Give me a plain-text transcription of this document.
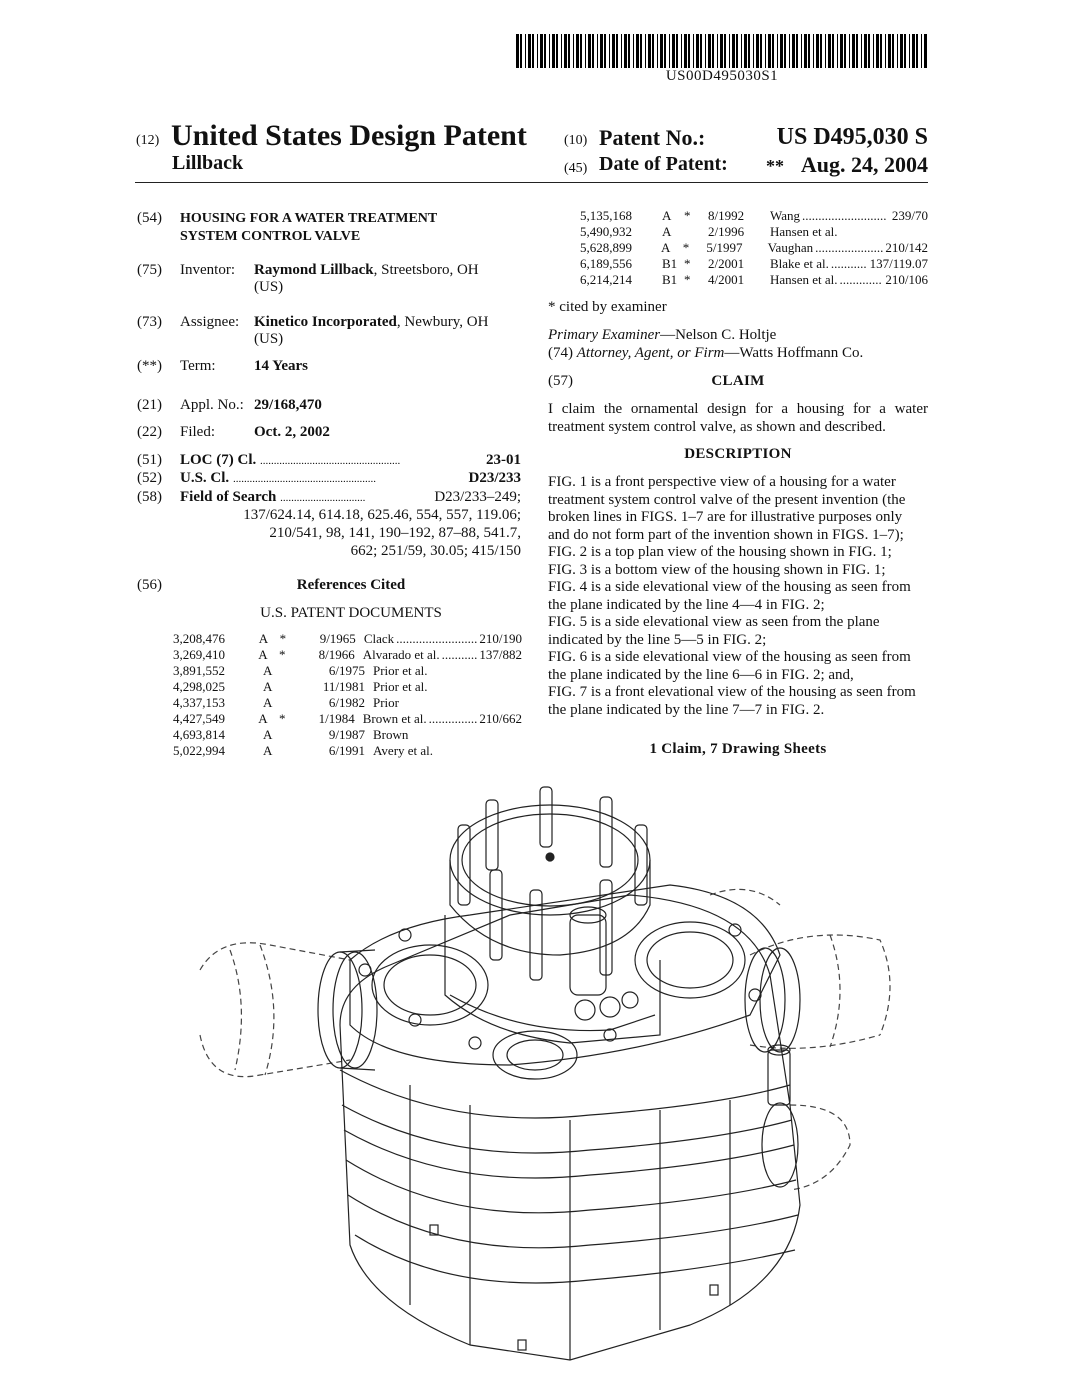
US00D495030S1
(12) United States Design Patent
Lillback
(10) Patent No.:	US D495,030 S
(45) Date of Patent: ** Aug. 24, 2004
(54) HOUSING FOR A WATER TREATMENT
SYSTEM CONTROL VALVE
(75) Inventor: Raymond Lillback, Streetsboro, OH
(US)
(73) Assignee: Kinetico Incorporated, Newbury, OH
(US)
(**) Term:	14 Years
(21) Appl. No.: 29/168,470
(22) Filed:	Oct. 2, 2002
(51) LOC (7) Cl. ...................................................	23-01
(52) U.S. Cl. ....................................................	D23/233
(58) Field of Search ...............................	D23/233–249;
137/624.14, 614.18, 625.46, 554, 557, 119.06;
210/541, 98, 141, 190–192, 87–88, 541.7,
662; 251/59, 30.05; 415/150
(56)	References Cited
U.S. PATENT DOCUMENTS
3,208,476	A *	9/1965 Clack ......................... 210/190
3,269,410	A *	8/1966 Alvarado et al. ........... 137/882
3,891,552	A	6/1975 Prior et al.
4,298,025	A	11/1981 Prior et al.
4,337,153	A	6/1982 Prior
4,427,549	A *	1/1984 Brown et al. ............... 210/662
4,693,814	A	9/1987 Brown
5,022,994	A	6/1991 Avery et al.
5,135,168	A *	8/1992	Wang .......................... 239/70
5,490,932	A	2/1996	Hansen et al.
5,628,899	A *	5/1997	Vaughan ..................... 210/142
6,189,556	B1 *	2/2001	Blake et al. ........... 137/119.07
6,214,214	B1 *	4/2001	Hansen et al. ............. 210/106
* cited by examiner
Primary Examiner—Nelson C. Holtje
(74) Attorney, Agent, or Firm—Watts Hoffmann Co.
(57)	CLAIM
I claim the ornamental design for a housing for a water
treatment system control valve, as shown and described.
DESCRIPTION

FIG. 1 is a front perspective view of a housing for a water

treatment system control valve of the present invention (the

broken lines in FIGS. 1–7 are for illustrative purposes only

and do not form part of the invention shown in FIGS. 1–7);

FIG. 2 is a top plan view of the housing shown in FIG. 1;

FIG. 3 is a bottom view of the housing shown in FIG. 1;

FIG. 4 is a side elevational view of the housing as seen from

the plane indicated by the line 4—4 in FIG. 2;

FIG. 5 is a side elevational view as seen from the plane

indicated by the line 5—5 in FIG. 2;

FIG. 6 is a side elevational view of the housing as seen from

the plane indicated by the line 6—6 in FIG. 2; and,

FIG. 7 is a front elevational view of the housing as seen from

the plane indicated by the line 7—7 in FIG. 2.

1 Claim, 7 Drawing Sheets
